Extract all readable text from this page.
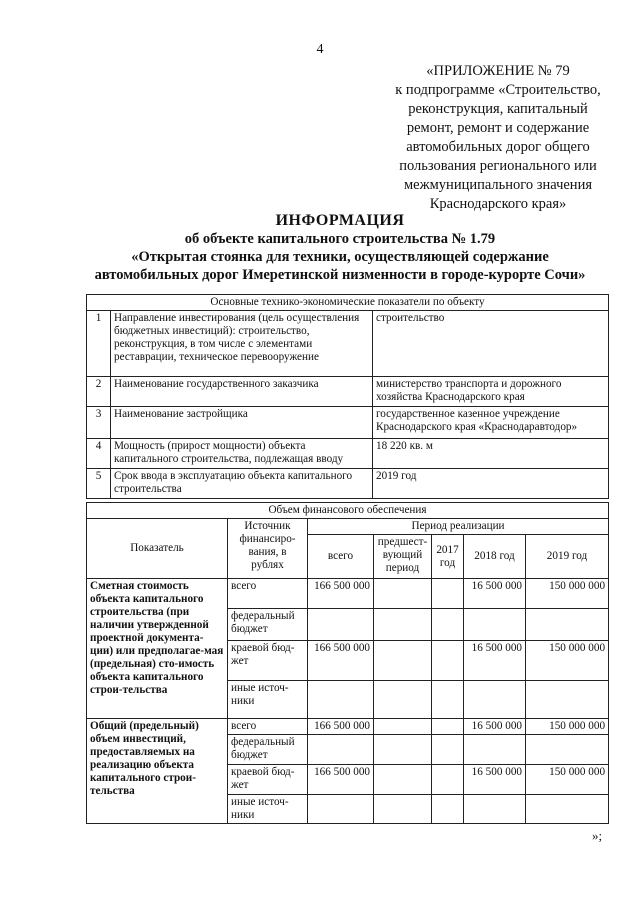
4
«ПРИЛОЖЕНИЕ № 79
к подпрограмме «Строительство,
реконструкция, капитальный
ремонт, ремонт и содержание
автомобильных дорог общего
пользования регионального или
межмуниципального значения
Краснодарского края»
ИНФОРМАЦИЯ
об объекте капитального строительства № 1.79
«Открытая стоянка для техники, осуществляющей содержание
автомобильных дорог Имеретинской низменности в городе-курорте Сочи»
Основные технико-экономические показатели по объекту		
1	Направление инвестирования (цель осуществления бюджетных инвестиций): строительство, реконструкция, в том числе с элементами реставрации, техническое перевооружение	строительство
2	Наименование государственного заказчика	министерство транспорта и дорожного хозяйства Краснодарского края
3	Наименование застройщика	государственное казенное учреждение Краснодарского края «Краснодаравтодор»
4	Мощность (прирост мощности) объекта капитального строительства, подлежащая вводу	18 220 кв. м
5	Срок ввода в эксплуатацию объекта капитального строительства	2019 год
Объем финансового обеспечения						
Показатель	Источник финансиро-вания, в рублях	Период реализации				
		всего	предшест-вующий период	2017 год	2018 год	2019 год
Сметная стоимость объекта капитального строительства (при наличии утвержденной проектной документа-ции) или предполагае-мая (предельная) сто-имость объекта капитального строи-тельства	всего	166 500 000			16 500 000	150 000 000
	федеральный бюджет					
	краевой бюд-жет	166 500 000			16 500 000	150 000 000
	иные источ-ники					
Общий (предельный) объем инвестиций, предоставляемых на реализацию объекта капитального строи-тельства	всего	166 500 000			16 500 000	150 000 000
	федеральный бюджет					
	краевой бюд-жет	166 500 000			16 500 000	150 000 000
	иные источ-ники					
»;
